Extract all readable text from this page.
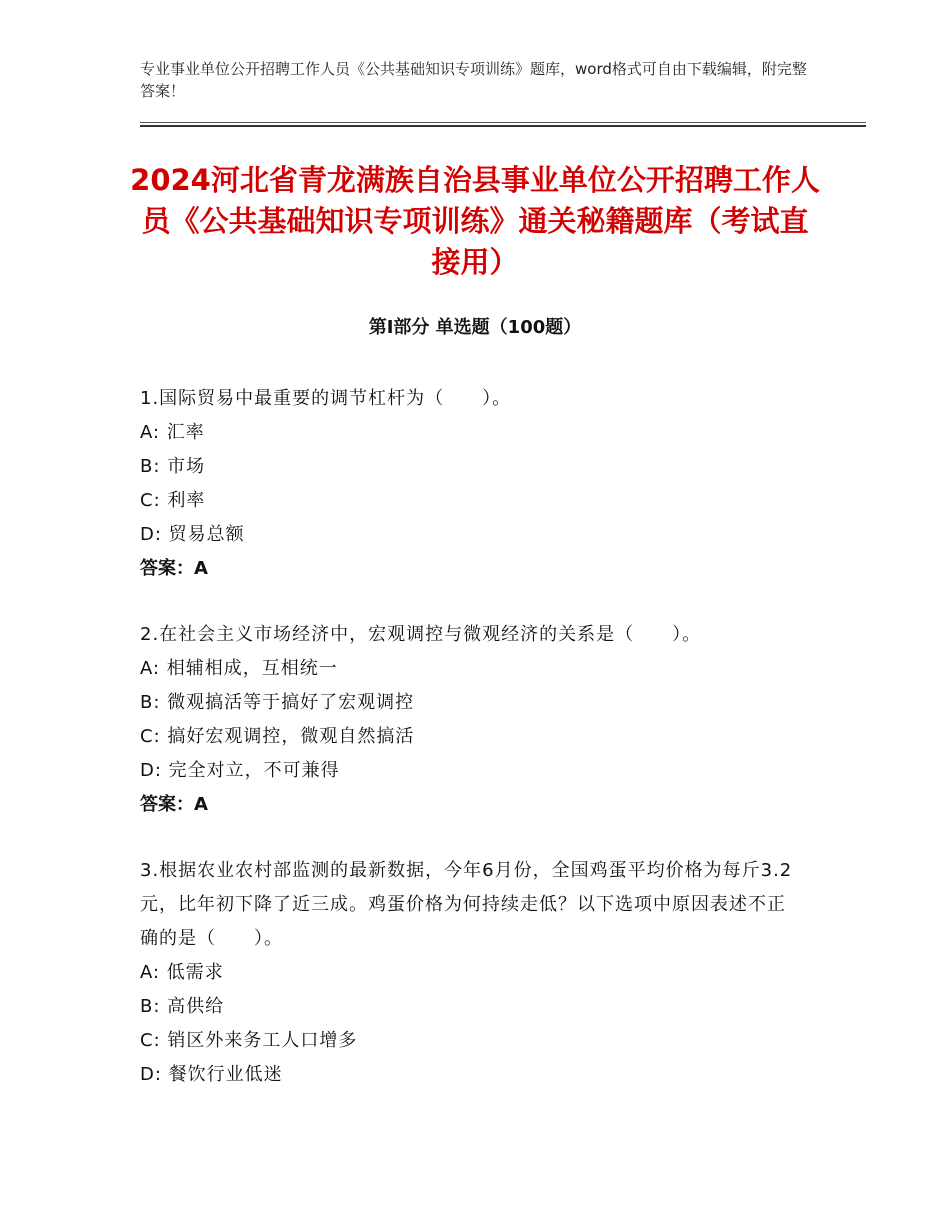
专业事业单位公开招聘工作人员《公共基础知识专项训练》题库，word格式可自由下载编辑，附完整答案！
2024河北省青龙满族自治县事业单位公开招聘工作人员《公共基础知识专项训练》通关秘籍题库（考试直接用）
第Ⅰ部分 单选题（100题）

1.国际贸易中最重要的调节杠杆为（　　）。

A: 汇率

B: 市场

C: 利率

D: 贸易总额

答案：A

2.在社会主义市场经济中，宏观调控与微观经济的关系是（　　）。

A: 相辅相成，互相统一

B: 微观搞活等于搞好了宏观调控

C: 搞好宏观调控，微观自然搞活

D: 完全对立，不可兼得

答案：A

3.根据农业农村部监测的最新数据，今年6月份，全国鸡蛋平均价格为每斤3.2元，比年初下降了近三成。鸡蛋价格为何持续走低？以下选项中原因表述不正确的是（　　）。

A: 低需求

B: 高供给

C: 销区外来务工人口增多

D: 餐饮行业低迷
